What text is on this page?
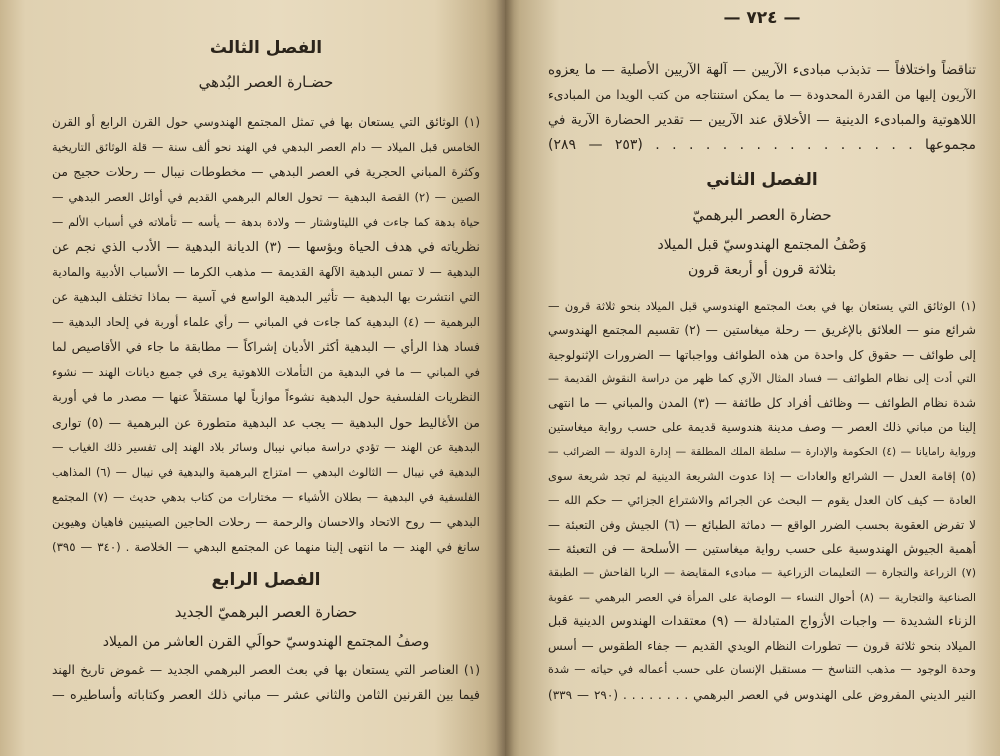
الفصل الثالث
حضـارة العصر البُدهي
(١) الوثائق التي يستعان بها في تمثل المجتمع الهندوسي حول القرن الرابع أو القرن
الخامس قبل الميلاد — دام العصر البدهي في الهند نحو ألف سنة — قلة الوثائق التاريخية
وكثرة المباني الحجرية في العصر البدهي — مخطوطات نيبال — رحلات حجيج من
الصين — (٢) القصة البدهية — تحول العالم البرهمي القديم في أوائل العصر البدهي —
حياة بدهة كما جاءت في الليتاوشتار — ولادة بدهة — يأسه — تأملاته في أسباب الألم —
نظرياته في هدف الحياة وبؤسها — (٣) الديانة البدهية — الأدب الذي نجم عن
البدهية — لا تمس البدهية الآلهة القديمة — مذهب الكرما — الأسباب الأدبية والمادية
التي انتشرت بها البدهية — تأثير البدهية الواسع في آسية — بماذا تختلف البدهية عن
البرهمية — (٤) البدهية كما جاءت في المباني — رأي علماء أوربة في إلحاد البدهية —
فساد هذا الرأي — البدهية أكثر الأديان إشراكاً — مطابقة ما جاء في الأقاصيص لما
في المباني — ما في البدهية من التأملات اللاهوتية يرى في جميع ديانات الهند — نشوء
النظريات الفلسفية حول البدهية نشوءاً موازياً لها مستقلاً عنها — مصدر ما في أوربة
من الأغاليط حول البدهية — يجب عد البدهية متطورة عن البرهمية — (٥) توارى
البدهية عن الهند — تؤدي دراسة مباني نيبال وسائر بلاد الهند إلى تفسير ذلك الغياب —
البدهية في نيبال — الثالوث البدهي — امتزاج البرهمية والبدهية في نيبال — (٦) المذاهب
الفلسفية في البدهية — بطلان الأشياء — مختارات من كتاب بدهي حديث — (٧) المجتمع
البدهي — روح الاتحاد والاحسان والرحمة — رحلات الحاجين الصينيين فاهيان وهيوين
سانغ في الهند — ما انتهى إلينا منهما عن المجتمع البدهي — الخلاصة . (٣٤٠ — ٣٩٥)
الفصل الرابع
حضارة العصر البرهميّ الجديد
وصفُ المجتمع الهندوسيّ حوالَي القرن العاشر من الميلاد
(١) العناصر التي يستعان بها في بعث العصر البرهمي الجديد — غموض تاريخ الهند
فيما بين القرنين الثامن والثاني عشر — مباني ذلك العصر وكتاباته وأساطيره —
— ٧٢٤ —
تناقضاً واختلافاً — تذبذب مبادىء الآريين — آلهة الآريين الأصلية — ما يعزوه
الآريون إليها من القدرة المحدودة — ما يمكن استنتاجه من كتب الويدا من المبادىء
اللاهوتية والمبادىء الدينية — الأخلاق عند الآريين — تقدير الحضارة الآرية في
مجموعها . . . . . . . . . . . . . . . . (٢٥٣ — ٢٨٩)
الفصل الثاني
حضارة العصر البرهميّ
وَصْفُ المجتمع الهندوسيّ قبل الميلاد
بثلاثة قرون أو أربعة قرون
(١) الوثائق التي يستعان بها في بعث المجتمع الهندوسي قبل الميلاد بنحو ثلاثة قرون —
شرائع منو — العلائق بالإغريق — رحلة ميغاستين — (٢) تقسيم المجتمع الهندوسي
إلى طوائف — حقوق كل واحدة من هذه الطوائف وواجباتها — الضرورات الإثنولوجية
التي أدت إلى نظام الطوائف — فساد المثال الآري كما ظهر من دراسة النقوش القديمة —
شدة نظام الطوائف — وظائف أفراد كل طائفة — (٣) المدن والمباني — ما انتهى
إلينا من مباني ذلك العصر — وصف مدينة هندوسية قديمة على حسب رواية ميغاستين
ورواية رامايانا — (٤) الحكومة والإدارة — سلطة الملك المطلقة — إدارة الدولة — الضرائب —
(٥) إقامة العدل — الشرائع والعادات — إذا عدوت الشريعة الدينية لم تجد شريعة سوى
العادة — كيف كان العدل يقوم — البحث عن الجرائم والاشتراع الجزائي — حكم الله —
لا تفرض العقوبة بحسب الضرر الواقع — دماثة الطبائع — (٦) الجيش وفن التعبئة —
أهمية الجيوش الهندوسية على حسب رواية ميغاستين — الأسلحة — فن التعبئة —
(٧) الزراعة والتجارة — التعليمات الزراعية — مبادىء المقايضة — الربا الفاحش — الطبقة
الصناعية والتجارية — (٨) أحوال النساء — الوصاية على المرأة في العصر البرهمي — عقوبة
الزناء الشديدة — واجبات الأزواج المتبادلة — (٩) معتقدات الهندوس الدينية قبل
الميلاد بنحو ثلاثة قرون — تطورات النظام الويدي القديم — جفاء الطقوس — أسس
وحدة الوجود — مذهب التناسخ — مستقبل الإنسان على حسب أعماله في حياته — شدة
النير الديني المفروض على الهندوس في العصر البرهمي . . . . . . . . (٢٩٠ — ٣٣٩)
